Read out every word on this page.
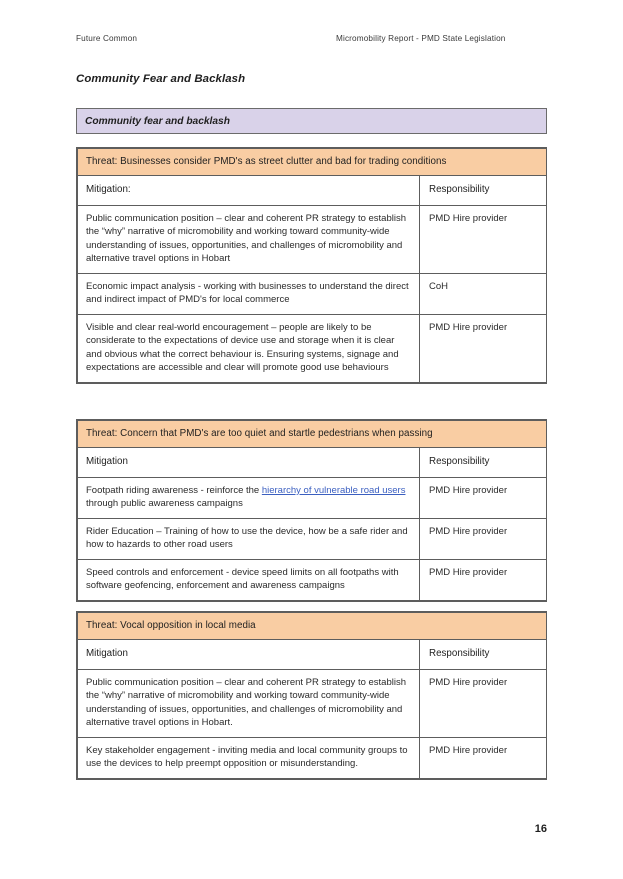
Future Common	Micromobility Report - PMD State Legislation
Community Fear and Backlash
Community fear and backlash
Threat: Businesses consider PMD's as street clutter and bad for trading conditions	
Mitigation:	Responsibility
Public communication position – clear and coherent PR strategy to establish the “why” narrative of micromobility and working toward community-wide understanding of issues, opportunities, and challenges of micromobility and alternative travel options in Hobart	PMD Hire provider
Economic impact analysis - working with businesses to understand the direct and indirect impact of PMD's for local commerce	CoH
Visible and clear real-world encouragement – people are likely to be considerate to the expectations of device use and storage when it is clear and obvious what the correct behaviour is. Ensuring systems, signage and expectations are accessible and clear will promote good use behaviours	PMD Hire provider
Threat: Concern that PMD's are too quiet and startle pedestrians when passing	
Mitigation	Responsibility
Footpath riding awareness - reinforce the hierarchy of vulnerable road users through public awareness campaigns	PMD Hire provider
Rider Education – Training of how to use the device, how be a safe rider and how to hazards to other road users	PMD Hire provider
Speed controls and enforcement - device speed limits on all footpaths with software geofencing, enforcement and awareness campaigns	PMD Hire provider
Threat: Vocal opposition in local media	
Mitigation	Responsibility
Public communication position – clear and coherent PR strategy to establish the “why” narrative of micromobility and working toward community-wide understanding of issues, opportunities, and challenges of micromobility and alternative travel options in Hobart.	PMD Hire provider
Key stakeholder engagement - inviting media and local community groups to use the devices to help preempt opposition or misunderstanding.	PMD Hire provider
16
